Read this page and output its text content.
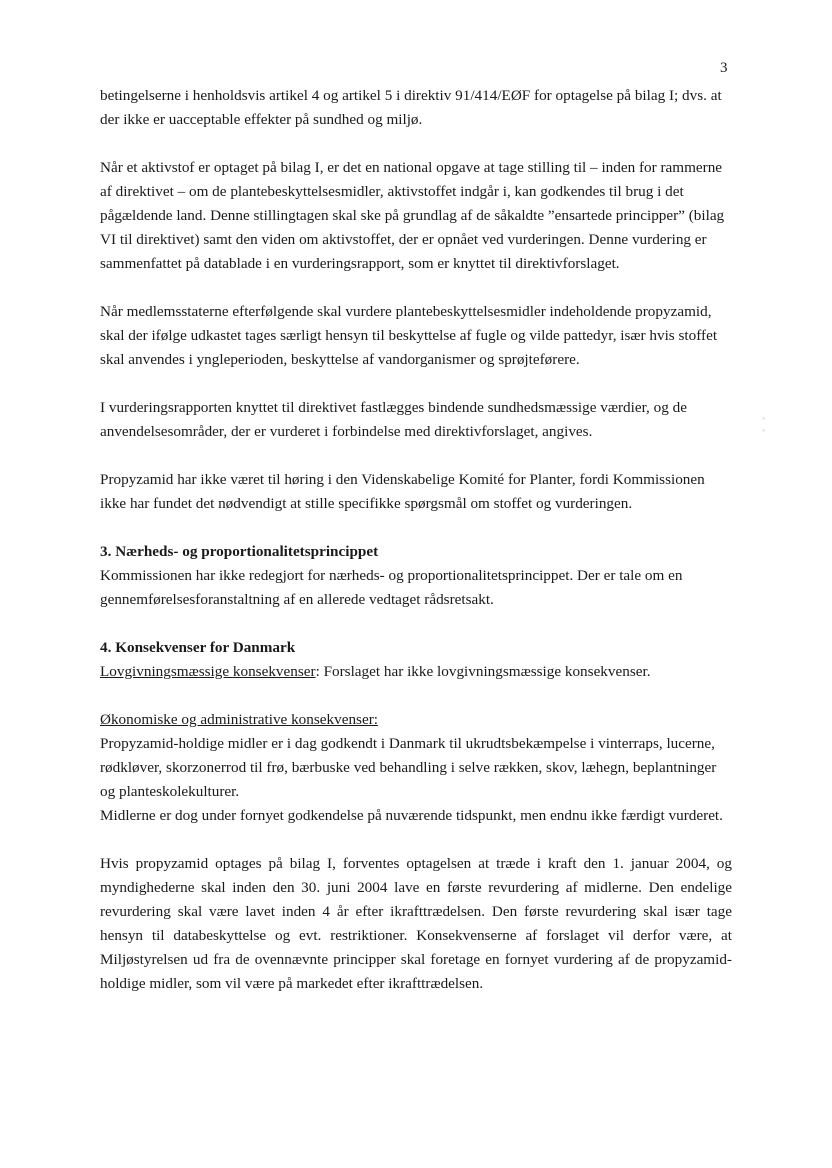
3
◦
◦

betingelserne i henholdsvis artikel 4 og artikel 5 i direktiv 91/414/EØF for optagelse på bilag I; dvs. at der ikke er uacceptable effekter på sundhed og miljø.

Når et aktivstof er optaget på bilag I, er det en national opgave at tage stilling til – inden for rammerne af direktivet – om de plantebeskyttelsesmidler, aktivstoffet indgår i, kan godkendes til brug i det pågældende land. Denne stillingtagen skal ske på grundlag af de såkaldte ”ensartede principper” (bilag VI til direktivet) samt den viden om aktivstoffet, der er opnået ved vurderingen. Denne vurdering er sammenfattet på datablade i en vurderingsrapport, som er knyttet til direktivforslaget.

Når medlemsstaterne efterfølgende skal vurdere plantebeskyttelsesmidler indeholdende propyzamid, skal der ifølge udkastet tages særligt hensyn til beskyttelse af fugle og vilde pattedyr, især hvis stoffet skal anvendes i yngleperioden, beskyttelse af vandorganismer og sprøjteførere.

I vurderingsrapporten knyttet til direktivet fastlægges bindende sundhedsmæssige værdier, og de anvendelsesområder, der er vurderet i forbindelse med direktivforslaget, angives.

Propyzamid har ikke været til høring i den Videnskabelige Komité for Planter, fordi Kommissionen ikke har fundet det nødvendigt at stille specifikke spørgsmål om stoffet og vurderingen.

3. Nærheds- og proportionalitetsprincippet

Kommissionen har ikke redegjort for nærheds- og proportionalitetsprincippet. Der er tale om en gennemførelsesforanstaltning af en allerede vedtaget rådsretsakt.

4. Konsekvenser for Danmark

Lovgivningsmæssige konsekvenser: Forslaget har ikke lovgivningsmæssige konsekvenser.

Økonomiske og administrative konsekvenser:

Propyzamid-holdige midler er i dag godkendt i Danmark til ukrudtsbekæmpelse i vinterraps, lucerne, rødkløver, skorzonerrod til frø, bærbuske ved behandling i selve rækken, skov, læhegn, beplantninger og planteskolekulturer.

Midlerne er dog under fornyet godkendelse på nuværende tidspunkt, men endnu ikke færdigt vurderet.

Hvis propyzamid optages på bilag I, forventes optagelsen at træde i kraft den 1. januar 2004, og myndighederne skal inden den 30. juni 2004 lave en første revurdering af midlerne. Den endelige revurdering skal være lavet inden 4 år efter ikrafttrædelsen. Den første revurdering skal især tage hensyn til databeskyttelse og evt. restriktioner. Konsekvenserne af forslaget vil derfor være, at Miljøstyrelsen ud fra de ovennævnte principper skal foretage en fornyet vurdering af de propyzamid-holdige midler, som vil være på markedet efter ikrafttrædelsen.
